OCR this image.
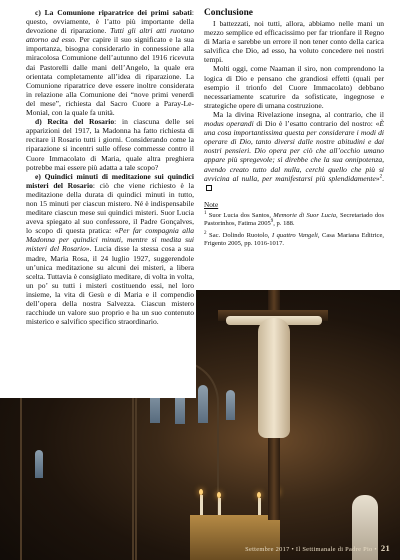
c) La Comunione riparatrice dei primi sabati: questo, ovviamente, è l’atto più importante della devozione di riparazione. Tutti gli altri atti ruotano attorno ad esso. Per capire il suo significato e la sua importanza, bisogna considerarlo in connessione alla miracolosa Comunione dell’autunno del 1916 ricevuta dai Pastorelli dalle mani dell’Angelo, la quale era orientata completamente all’idea di riparazione. La Comunione riparatrice deve essere inoltre considerata in relazione alla Comunione dei “nove primi venerdì del mese”, richiesta dal Sacro Cuore a Paray-Le-Monial, con la quale fa unità.

d) Recita del Rosario: in ciascuna delle sei apparizioni del 1917, la Madonna ha fatto richiesta di recitare il Rosario tutti i giorni. Considerando come la riparazione si incentri sulle offese commesse contro il Cuore Immacolato di Maria, quale altra preghiera potrebbe mai essere più adatta a tale scopo?

e) Quindici minuti di meditazione sui quindici misteri del Rosario: ciò che viene richiesto è la meditazione della durata di quindici minuti in tutto, non 15 minuti per ciascun mistero. Né è indispensabile meditare ciascun mese sui quindici misteri. Suor Lucia aveva spiegato al suo confessore, il Padre Gonçalves, lo scopo di questa pratica: «Per far compagnia alla Madonna per quindici minuti, mentre si medita sui misteri del Rosario». Lucia disse la stessa cosa a sua madre, Maria Rosa, il 24 luglio 1927, suggerendole un’unica meditazione su alcuni dei misteri, a libera scelta. Tuttavia è consigliato meditare, di volta in volta, un po’ su tutti i misteri costituendo essi, nel loro insieme, la vita di Gesù e di Maria e il compendio dell’opera della nostra Salvezza. Ciascun mistero racchiude un valore suo proprio e ha un suo contenuto misterico e salvifico specifico straordinario.

Conclusione

I battezzati, noi tutti, allora, abbiamo nelle mani un mezzo semplice ed efficacissimo per far trionfare il Regno di Maria e sarebbe un errore il non tener conto della carica salvifica che Dio, ad esso, ha voluto concedere nei nostri tempi.

Molti oggi, come Naaman il siro, non comprendono la logica di Dio e pensano che grandiosi effetti (quali per esempio il trionfo del Cuore Immacolato) debbano necessariamente scaturire da sofisticate, ingegnose e strategiche opere di umana costruzione.

Ma la divina Rivelazione insegna, al contrario, che il modus operandi di Dio è l’esatto contrario del nostro: «È una cosa importantissima questa per considerare i modi di operare di Dio, tanto diversi dalle nostre abitudini e dai nostri pensieri. Dio opera per ciò che all’occhio umano appare più spregevole; sì direbbe che la sua onnipotenza, avendo creato tutto dal nulla, cerchi quello che più si avvicina al nulla, per manifestarsi più splendidamente»$^2$.

Note

$^1$ Suor Lucia dos Santos, Memorie di Suor Lucia, Secretariado dos Pastorinhos, Fatima 2005$^9$, p. 188.

$^2$ Sac. Dolindo Ruotolo, I quattro Vangeli, Casa Mariana Editrice, Frigento 2005, pp. 1016-1017.

Settembre 2017 • Il Settimanale di Padre Pio • 21
